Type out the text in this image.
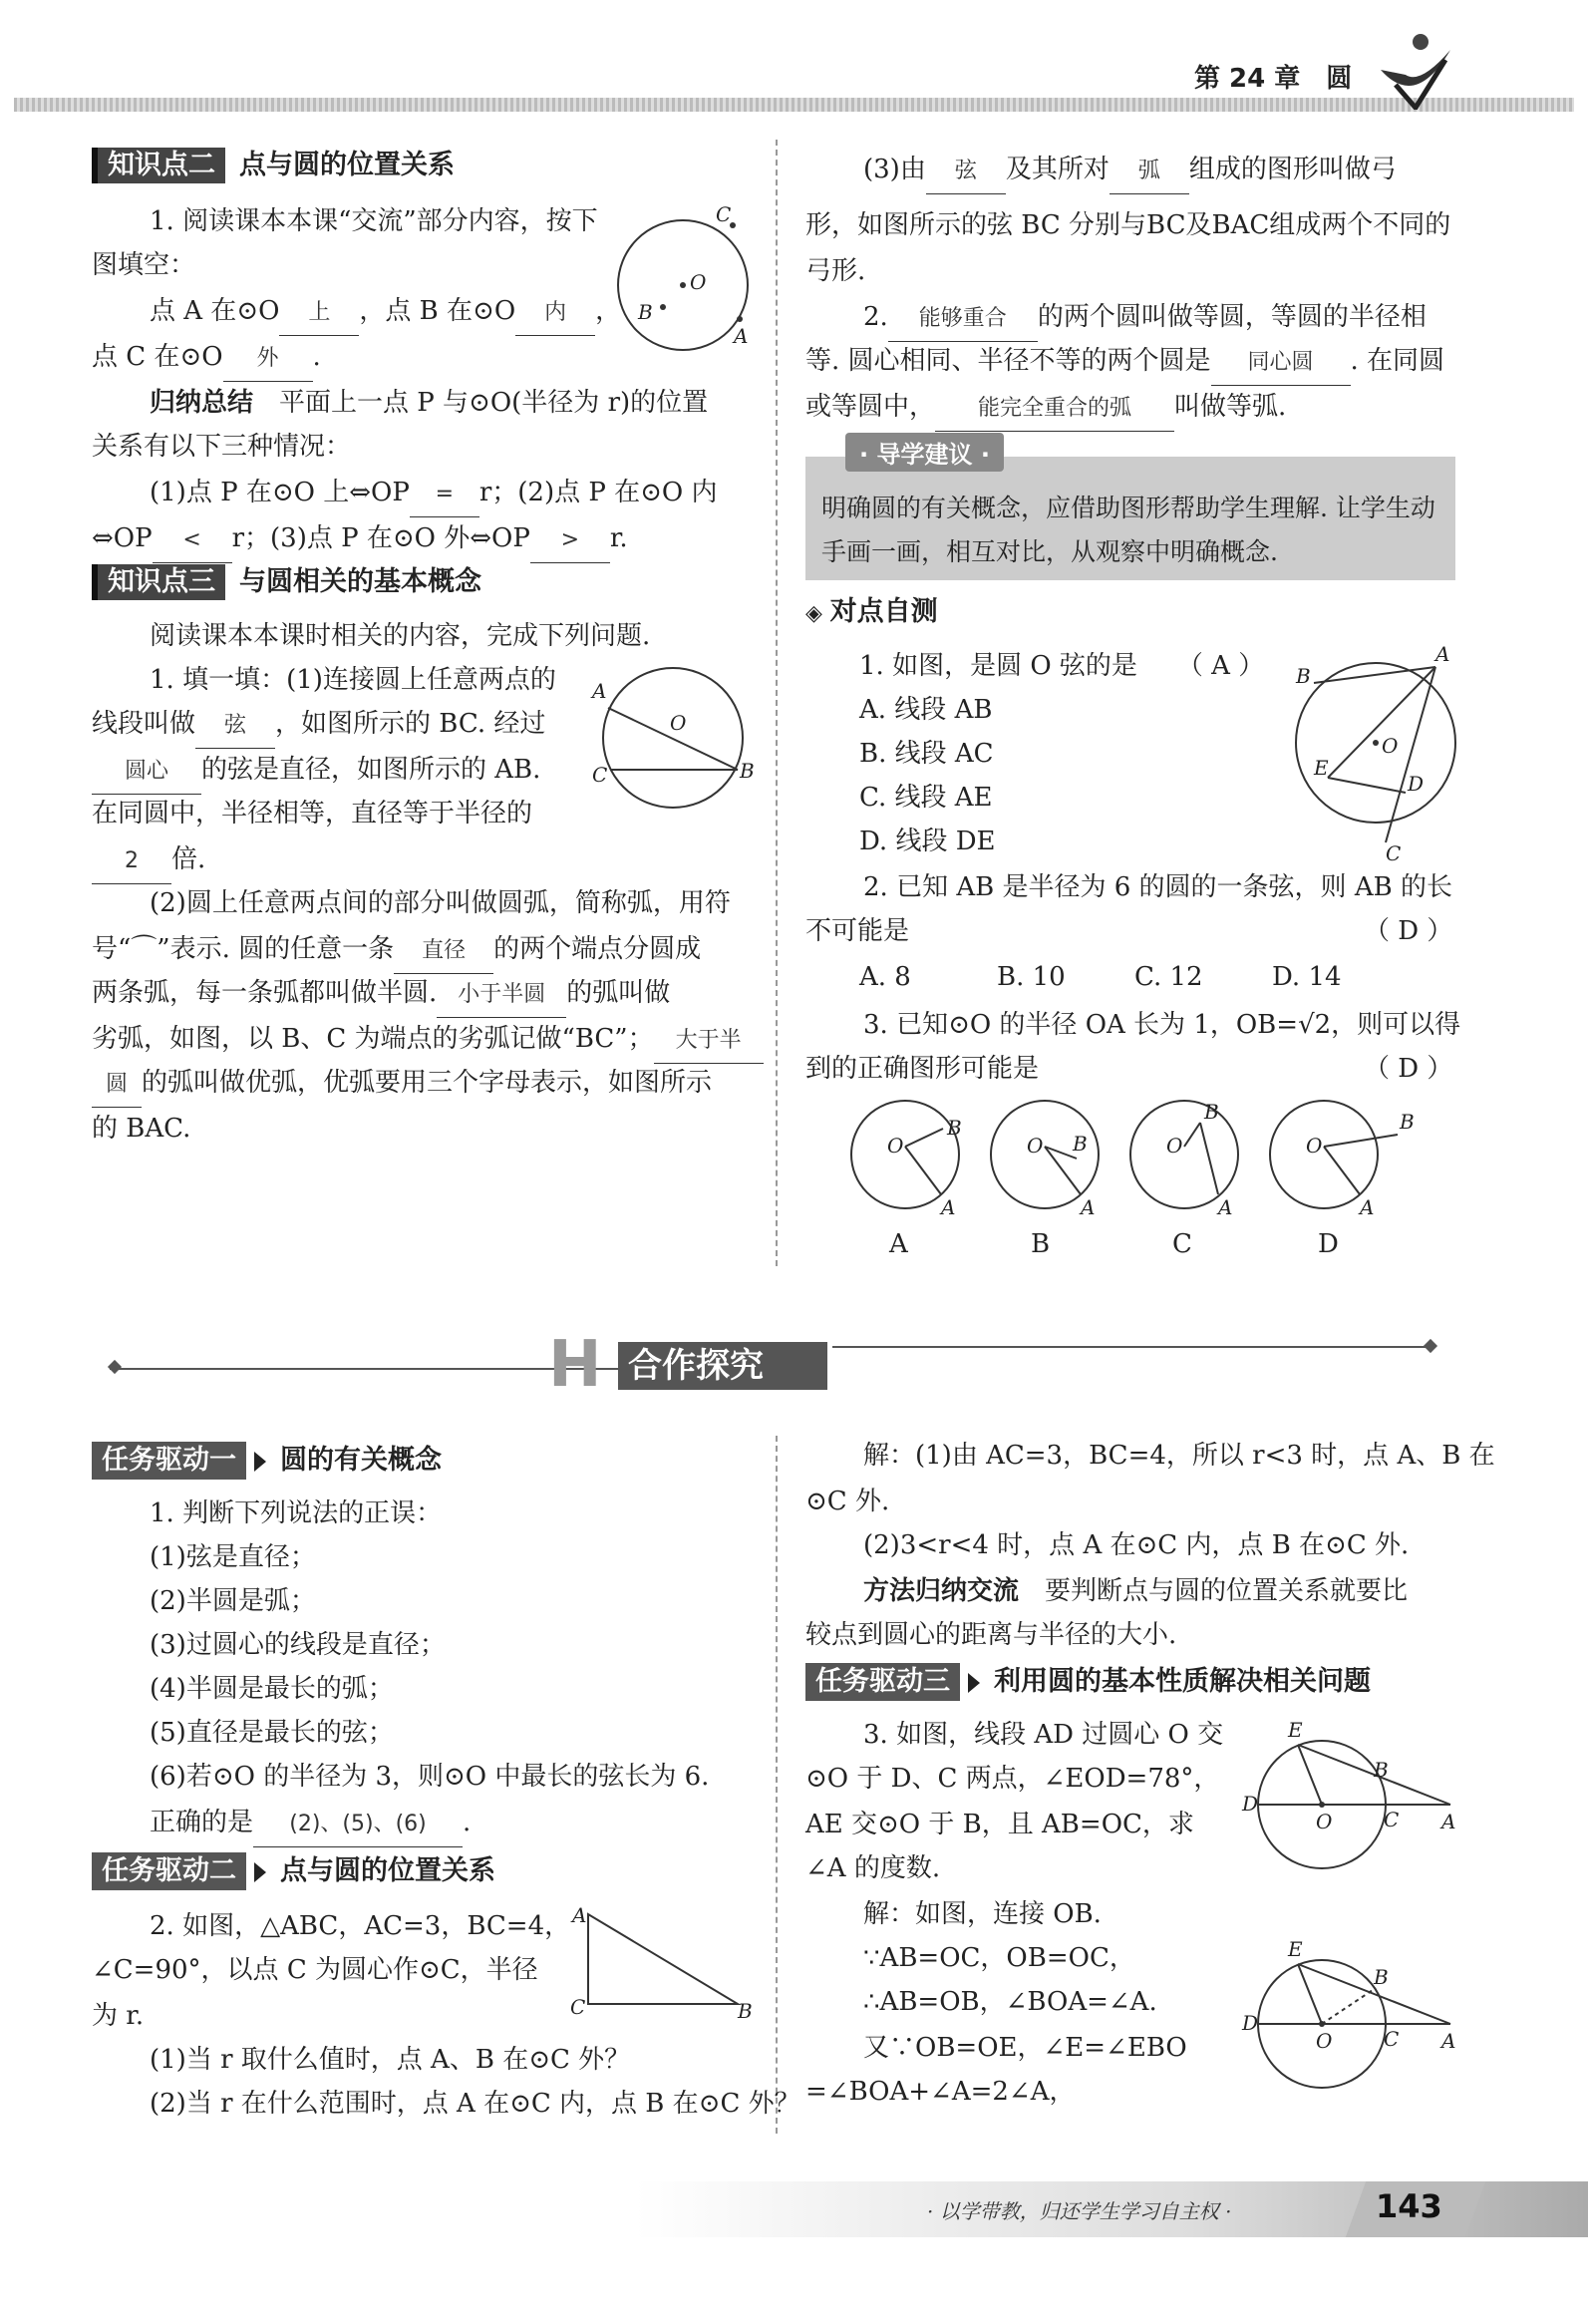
第 24 章　圆
知识点二 点与圆的位置关系
1. 阅读课本本课“交流”部分内容，按下
图填空：
点 A 在⊙O 上 ，点 B 在⊙O 内 ，
点 C 在⊙O 外 .
O
B
C
A
归纳总结　 平面上一点 P 与⊙O(半径为 r)的位置
关系有以下三种情况：
(1)点 P 在⊙O 上⇔OP = r；(2)点 P 在⊙O 内
⇔OP < r；(3)点 P 在⊙O 外⇔OP > r.
知识点三 与圆相关的基本概念
阅读课本本课时相关的内容，完成下列问题.
1. 填一填：(1)连接圆上任意两点的
线段叫做 弦 ，如图所示的 BC. 经过
圆心 的弦是直径，如图所示的 AB.
在同圆中，半径相等，直径等于半径的
2 倍.
O
A
C	B
(2)圆上任意两点间的部分叫做圆弧，简称弧，用符
号“⌒”表示. 圆的任意一条 直径 的两个端点分圆成
两条弧，每一条弧都叫做半圆. 小于半圆 的弧叫做
劣弧，如图，以 B、C 为端点的劣弧记做“BC”； 大于半
圆 的弧叫做优弧，优弧要用三个字母表示，如图所示
的 BAC.
(3)由 弦 及其所对 弧 组成的图形叫做弓
形，如图所示的弦 BC 分别与BC及BAC组成两个不同的
弓形.
2. 能够重合 的两个圆叫做等圆，等圆的半径相
等. 圆心相同、半径不等的两个圆是 同心圆 . 在同圆
或等圆中， 能完全重合的弧 叫做等弧.
· 导学建议 ·
明确圆的有关概念，应借助图形帮助学生理解. 让学生动手画一画，相互对比，从观察中明确概念.
◈ 对点自测
1. 如图，是圆 O 弦的是 （ A ）
A. 线段 AB
B. 线段 AC
C. 线段 AE
D. 线段 DE
O
A
B
E
D
C
2. 已知 AB 是半径为 6 的圆的一条弦，则 AB 的长
不可能是	（ D ）
A. 8	B. 10	C. 12	D. 14
3. 已知⊙O 的半径 OA 长为 1，OB=√2，则可以得
到的正确图形可能是	（ D ）
O
B
A
O B
A
O
B
A
O
B
A
A	B	C	D
H 合作探究
任务驱动一 圆的有关概念
1. 判断下列说法的正误：
(1)弦是直径；
(2)半圆是弧；
(3)过圆心的线段是直径；
(4)半圆是最长的弧；
(5)直径是最长的弦；
(6)若⊙O 的半径为 3，则⊙O 中最长的弦长为 6.
正确的是 (2)、(5)、(6) .
任务驱动二 点与圆的位置关系
2. 如图，△ABC，AC=3，BC=4，
∠C=90°，以点 C 为圆心作⊙C，半径
为 r.
A
C	B
(1)当 r 取什么值时，点 A、B 在⊙C 外？
(2)当 r 在什么范围时，点 A 在⊙C 内，点 B 在⊙C 外？
解：(1)由 AC=3，BC=4，所以 r<3 时，点 A、B 在
⊙C 外.
(2)3<r<4 时，点 A 在⊙C 内，点 B 在⊙C 外.
方法归纳交流　 要判断点与圆的位置关系就要比
较点到圆心的距离与半径的大小.
任务驱动三 利用圆的基本性质解决相关问题
3. 如图，线段 AD 过圆心 O 交
⊙O 于 D、C 两点，∠EOD=78°，
AE 交⊙O 于 B，且 AB=OC，求
∠A 的度数.
E
B
D
O	C A
解：如图，连接 OB.
∵AB=OC，OB=OC，
∴AB=OB，∠BOA=∠A.
又∵OB=OE，∠E=∠EBO
=∠BOA+∠A=2∠A，
E
B
D
O	C A
· 以学带教，归还学生学习自主权 ·	143
